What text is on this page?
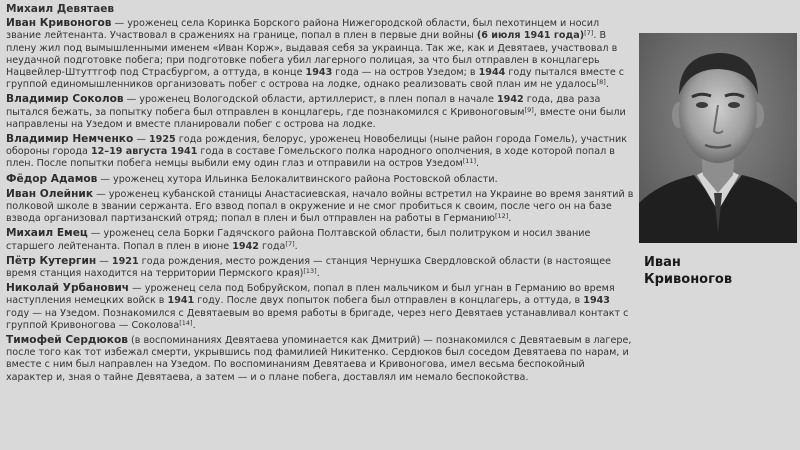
Михаил Девятаев

Иван Кривоногов — уроженец села Коринка Борского района Нижегородской области, был пехотинцем и носил звание лейтенанта. Участвовал в сражениях на границе, попал в плен в первые дни войны (6 июля 1941 года)[7]. В плену жил под вымышленными именем «Иван Корж», выдавая себя за украинца. Так же, как и Девятаев, участвовал в неудачной подготовке побега; при подготовке побега убил лагерного полицая, за что был отправлен в концлагерь Нацвейлер-Штуттгоф под Страсбургом, а оттуда, в конце 1943 года — на остров Узедом; в 1944 году пытался вместе с группой единомышленников организовать побег с острова на лодке, однако реализовать свой план им не удалось[8].

Владимир Соколов — уроженец Вологодской области, артиллерист, в плен попал в начале 1942 года, два раза пытался бежать, за попытку побега был отправлен в концлагерь, где познакомился с Кривоноговым[9], вместе они были направлены на Узедом и вместе планировали побег с острова на лодке.

Владимир Немченко — 1925 года рождения, белорус, уроженец Новобелицы (ныне район города Гомель), участник обороны города 12–19 августа 1941 года в составе Гомельского полка народного ополчения, в ходе которой попал в плен. После попытки побега немцы выбили ему один глаз и отправили на остров Узедом[11].

Фёдор Адамов — уроженец хутора Ильинка Белокалитвинского района Ростовской области.

Иван Олейник — уроженец кубанской станицы Анастасиевская, начало войны встретил на Украине во время занятий в полковой школе в звании сержанта. Его взвод попал в окружение и не смог пробиться к своим, после чего он на базе взвода организовал партизанский отряд; попал в плен и был отправлен на работы в Германию[12].

Михаил Емец — уроженец села Борки Гадячского района Полтавской области, был политруком и носил звание старшего лейтенанта. Попал в плен в июне 1942 года[7].

Пётр Кутергин — 1921 года рождения, место рождения — станция Чернушка Свердловской области (в настоящее время станция находится на территории Пермского края)[13].

Николай Урбанович — уроженец села под Бобруйском, попал в плен мальчиком и был угнан в Германию во время наступления немецких войск в 1941 году. После двух попыток побега был отправлен в концлагерь, а оттуда, в 1943 году — на Узедом. Познакомился с Девятаевым во время работы в бригаде, через него Девятаев устанавливал контакт с группой Кривоногова — Соколова[14].

Тимофей Сердюков (в воспоминаниях Девятаева упоминается как Дмитрий) — познакомился с Девятаевым в лагере, после того как тот избежал смерти, укрывшись под фамилией Никитенко. Сердюков был соседом Девятаева по нарам, и вместе с ним был направлен на Узедом. По воспоминаниям Девятаева и Кривоногова, имел весьма беспокойный характер и, зная о тайне Девятаева, а затем — и о плане побега, доставлял им немало беспокойства.

Иван
Кривоногов
